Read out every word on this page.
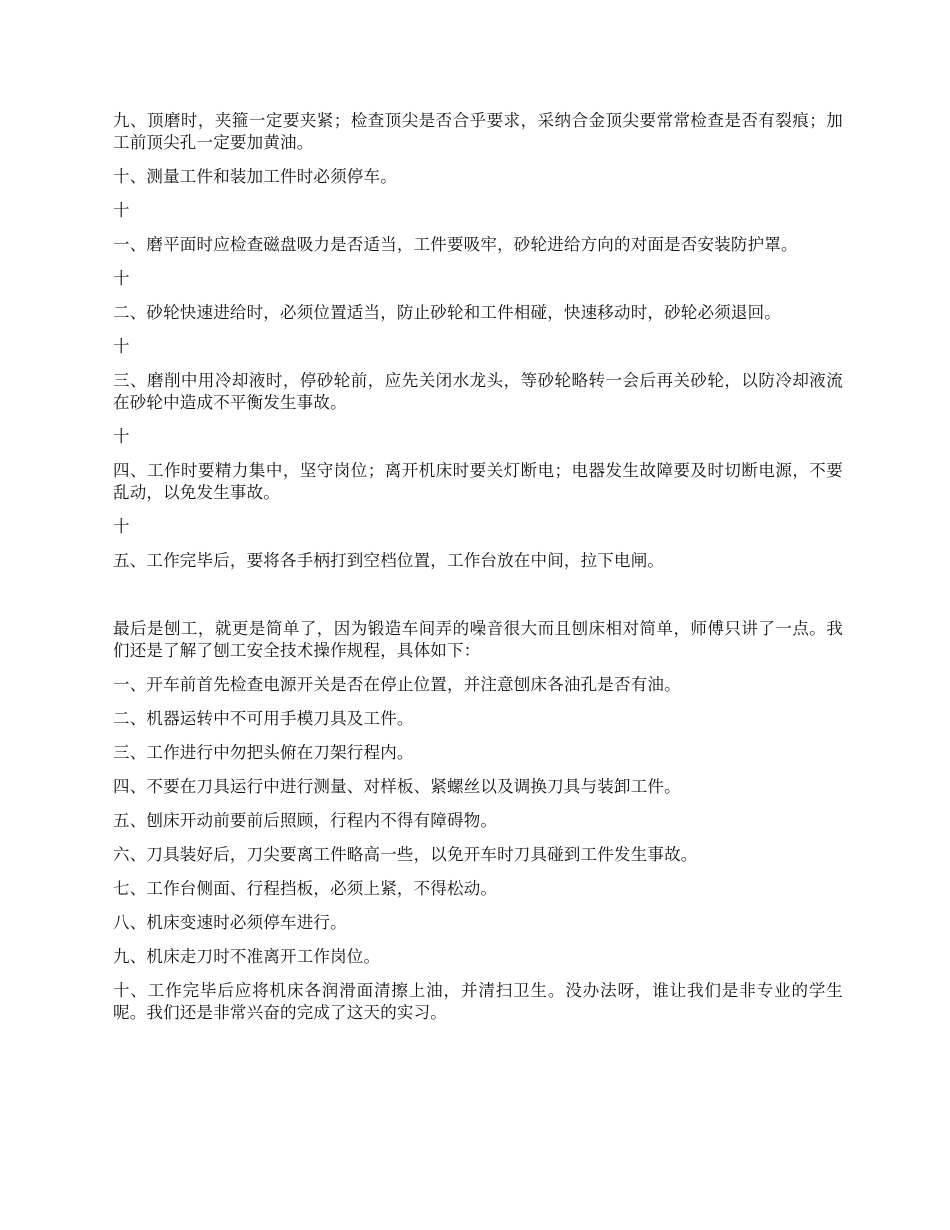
九、顶磨时，夹箍一定要夹紧；检查顶尖是否合乎要求，采纳合金顶尖要常常检查是否有裂痕；加工前顶尖孔一定要加黄油。

十、测量工件和装加工件时必须停车。

十

一、磨平面时应检查磁盘吸力是否适当，工件要吸牢，砂轮进给方向的对面是否安装防护罩。

十

二、砂轮快速进给时，必须位置适当，防止砂轮和工件相碰，快速移动时，砂轮必须退回。

十

三、磨削中用冷却液时，停砂轮前，应先关闭水龙头，等砂轮略转一会后再关砂轮，以防冷却液流在砂轮中造成不平衡发生事故。

十

四、工作时要精力集中，坚守岗位；离开机床时要关灯断电；电器发生故障要及时切断电源，不要乱动，以免发生事故。

十

五、工作完毕后，要将各手柄打到空档位置，工作台放在中间，拉下电闸。

最后是刨工，就更是简单了，因为锻造车间弄的噪音很大而且刨床相对简单，师傅只讲了一点。我们还是了解了刨工安全技术操作规程，具体如下：

一、开车前首先检查电源开关是否在停止位置，并注意刨床各油孔是否有油。

二、机器运转中不可用手模刀具及工件。

三、工作进行中勿把头俯在刀架行程内。

四、不要在刀具运行中进行测量、对样板、紧螺丝以及调换刀具与装卸工件。

五、刨床开动前要前后照顾，行程内不得有障碍物。

六、刀具装好后，刀尖要离工件略高一些，以免开车时刀具碰到工件发生事故。

七、工作台侧面、行程挡板，必须上紧，不得松动。

八、机床变速时必须停车进行。

九、机床走刀时不准离开工作岗位。

十、工作完毕后应将机床各润滑面清擦上油，并清扫卫生。没办法呀，谁让我们是非专业的学生呢。我们还是非常兴奋的完成了这天的实习。
